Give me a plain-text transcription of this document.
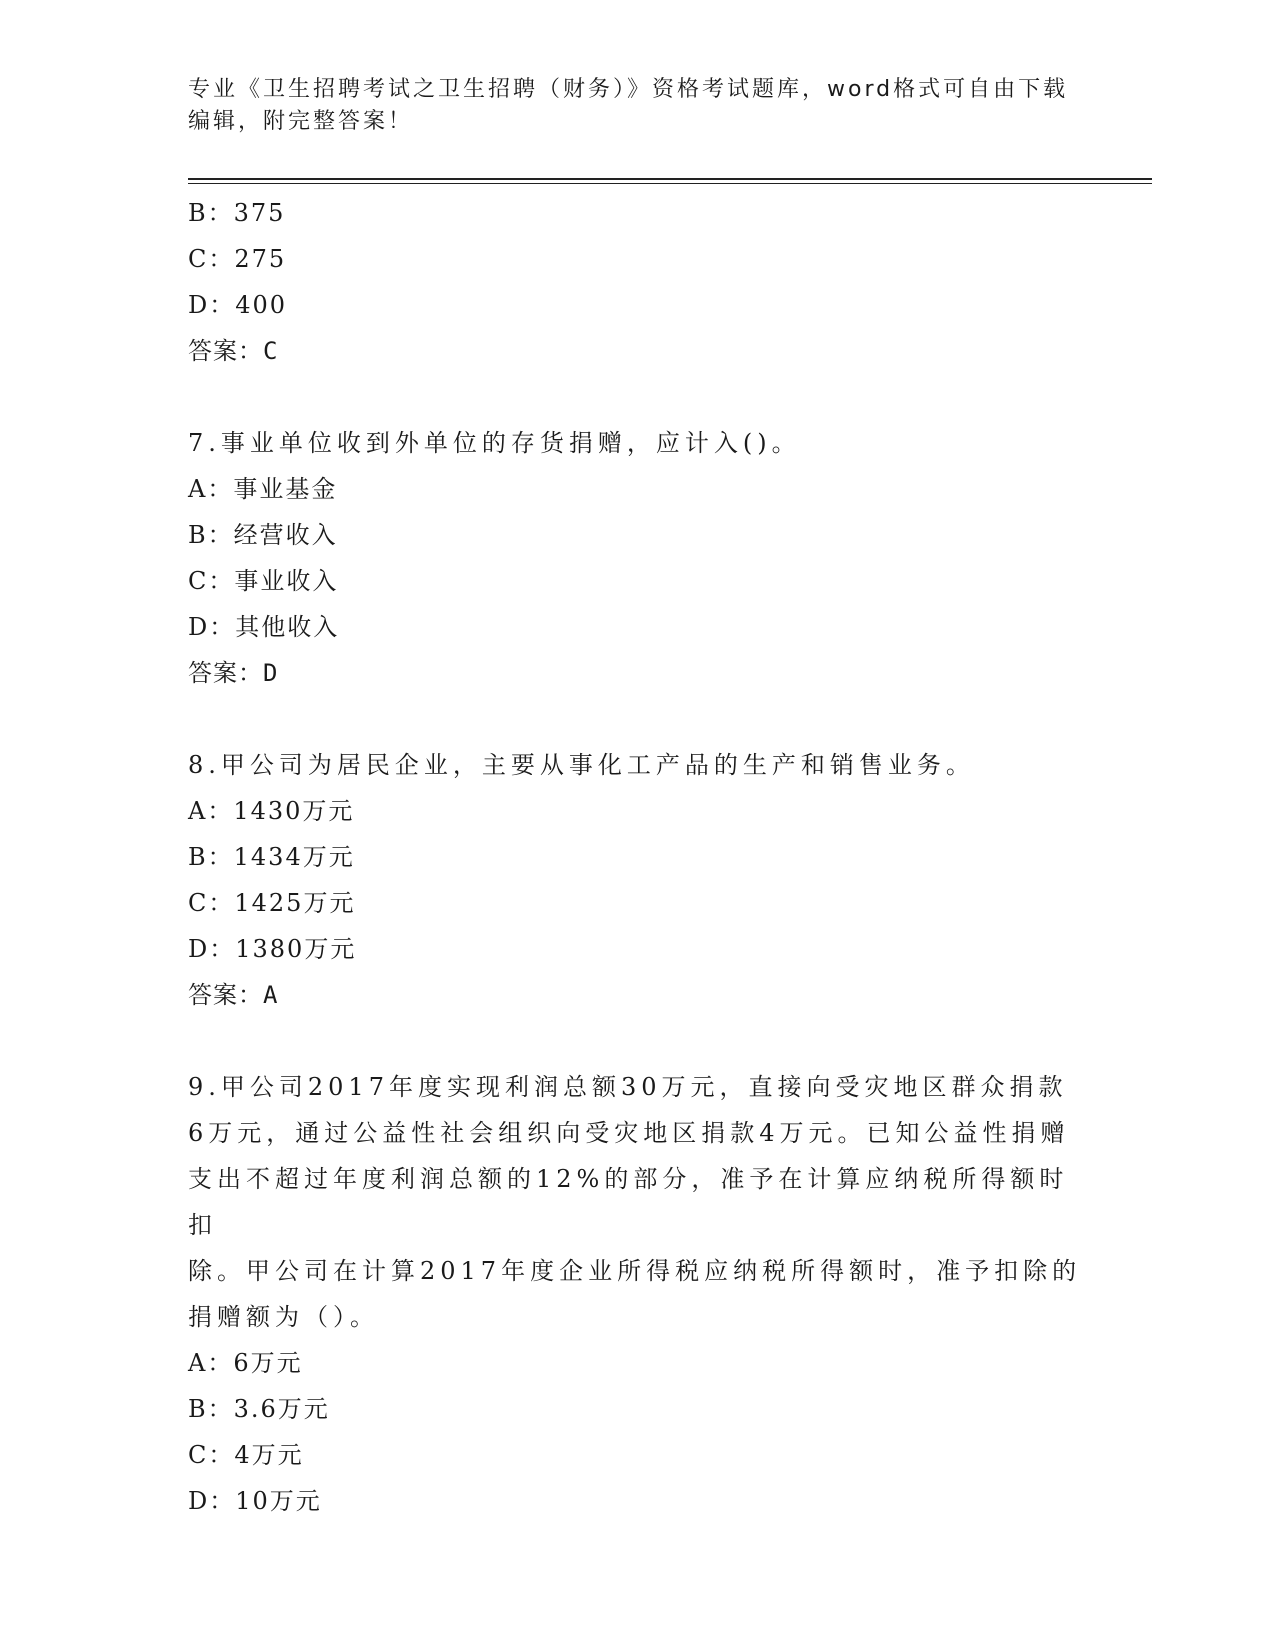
专业《卫生招聘考试之卫生招聘（财务）》资格考试题库，word格式可自由下载
编辑，附完整答案！
B：375
C：275
D：400
答案：C
7.事业单位收到外单位的存货捐赠，应计入()。
A：事业基金
B：经营收入
C：事业收入
D：其他收入
答案：D
8.甲公司为居民企业，主要从事化工产品的生产和销售业务。
A：1430万元
B：1434万元
C：1425万元
D：1380万元
答案：A
9.甲公司2017年度实现利润总额30万元，直接向受灾地区群众捐款
6万元，通过公益性社会组织向受灾地区捐款4万元。已知公益性捐赠
支出不超过年度利润总额的12%的部分，准予在计算应纳税所得额时扣
除。甲公司在计算2017年度企业所得税应纳税所得额时，准予扣除的
捐赠额为（）。
A：6万元
B：3.6万元
C：4万元
D：10万元
